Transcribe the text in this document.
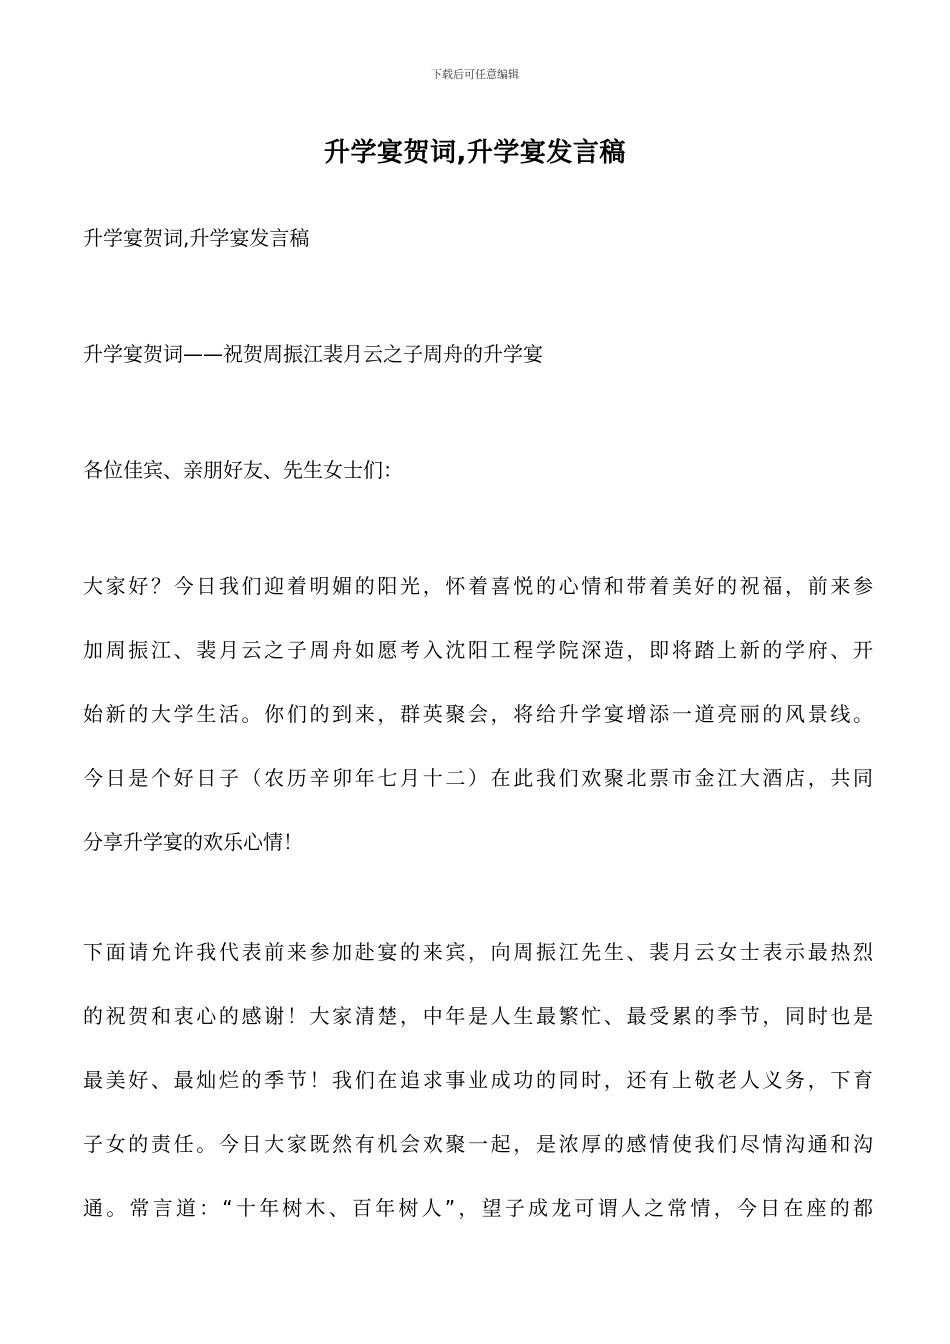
下载后可任意编辑
升学宴贺词,升学宴发言稿

升学宴贺词,升学宴发言稿

升学宴贺词——祝贺周振江裴月云之子周舟的升学宴

各位佳宾、亲朋好友、先生女士们：

大家好？今日我们迎着明媚的阳光，怀着喜悦的心情和带着美好的祝福，前来参
加周振江、裴月云之子周舟如愿考入沈阳工程学院深造，即将踏上新的学府、开
始新的大学生活。你们的到来，群英聚会，将给升学宴增添一道亮丽的风景线。
今日是个好日子（农历辛卯年七月十二）在此我们欢聚北票市金江大酒店，共同
分享升学宴的欢乐心情！
下面请允许我代表前来参加赴宴的来宾，向周振江先生、裴月云女士表示最热烈
的祝贺和衷心的感谢！大家清楚，中年是人生最繁忙、最受累的季节，同时也是
最美好、最灿烂的季节！我们在追求事业成功的同时，还有上敬老人义务，下育
子女的责任。今日大家既然有机会欢聚一起，是浓厚的感情使我们尽情沟通和沟
通。常言道：“十年树木、百年树人”，望子成龙可谓人之常情，今日在座的都
